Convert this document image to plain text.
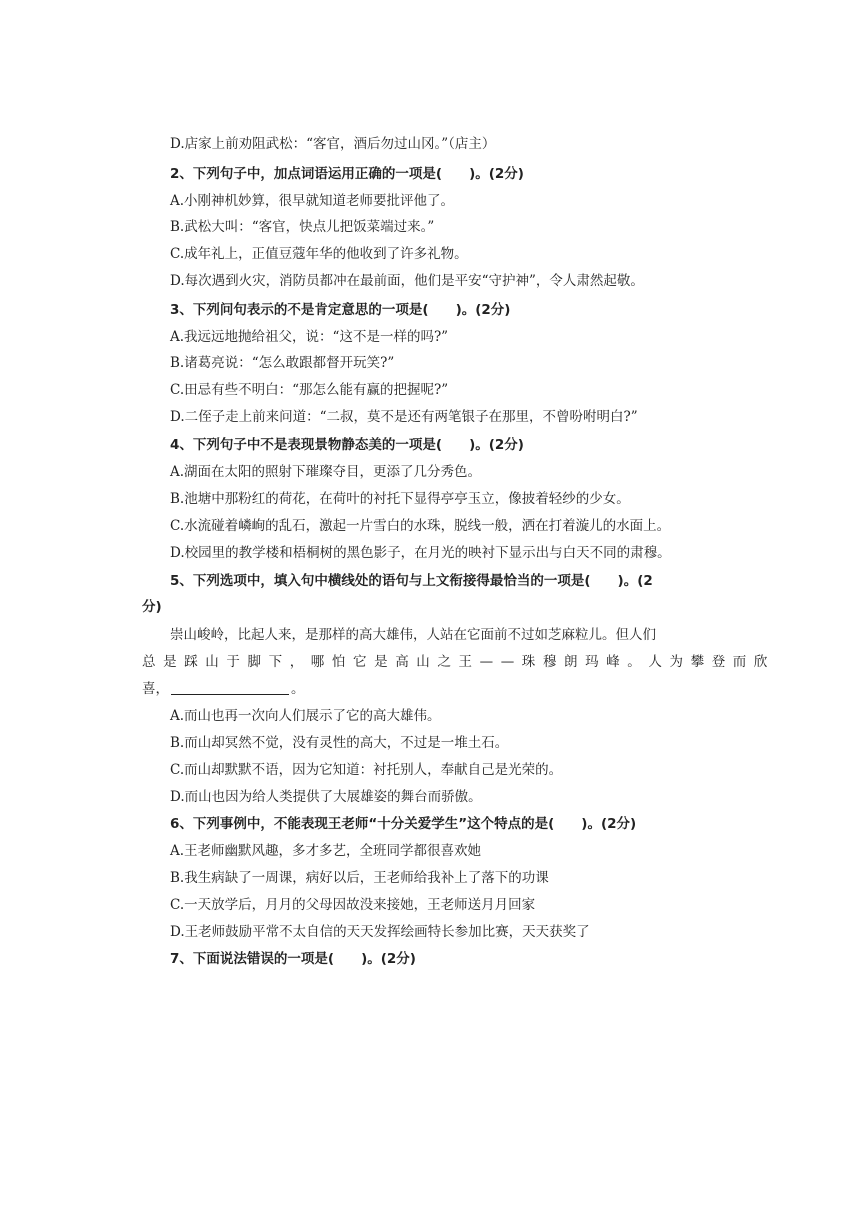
D.店家上前劝阻武松：“客官，酒后勿过山冈。”（店主）
2、下列句子中，加点词语运用正确的一项是(　　)。(2分)
A.小刚神机妙算，很早就知道老师要批评他了。
B.武松大叫：“客官，快点儿把饭菜端过来。”
C.成年礼上，正值豆蔻年华的他收到了许多礼物。
D.每次遇到火灾，消防员都冲在最前面，他们是平安“守护神”，令人肃然起敬。
3、下列问句表示的不是肯定意思的一项是(　　)。(2分)
A.我远远地抛给祖父，说：“这不是一样的吗?”
B.诸葛亮说：“怎么敢跟都督开玩笑?”
C.田忌有些不明白：“那怎么能有赢的把握呢?”
D.二侄子走上前来问道：“二叔，莫不是还有两笔银子在那里，不曾吩咐明白?”
4、下列句子中不是表现景物静态美的一项是(　　)。(2分)
A.湖面在太阳的照射下璀璨夺目，更添了几分秀色。
B.池塘中那粉红的荷花，在荷叶的衬托下显得亭亭玉立，像披着轻纱的少女。
C.水流碰着嶙峋的乱石，激起一片雪白的水珠，脱线一般，洒在打着漩儿的水面上。
D.校园里的教学楼和梧桐树的黑色影子，在月光的映衬下显示出与白天不同的肃穆。
5、下列选项中，填入句中横线处的语句与上文衔接得最恰当的一项是(　　)。(2
分)
崇山峻岭，比起人来，是那样的高大雄伟，人站在它面前不过如芝麻粒儿。但人们
总是踩山于脚下，哪怕它是高山之王——珠穆朗玛峰。人为攀登而欣
喜，	。
A.而山也再一次向人们展示了它的高大雄伟。
B.而山却冥然不觉，没有灵性的高大，不过是一堆土石。
C.而山却默默不语，因为它知道：衬托别人，奉献自己是光荣的。
D.而山也因为给人类提供了大展雄姿的舞台而骄傲。
6、下列事例中，不能表现王老师“十分关爱学生”这个特点的是(　　)。(2分)
A.王老师幽默风趣，多才多艺，全班同学都很喜欢她
B.我生病缺了一周课，病好以后，王老师给我补上了落下的功课
C.一天放学后，月月的父母因故没来接她，王老师送月月回家
D.王老师鼓励平常不太自信的天天发挥绘画特长参加比赛，天天获奖了
7、下面说法错误的一项是(　　)。(2分)
